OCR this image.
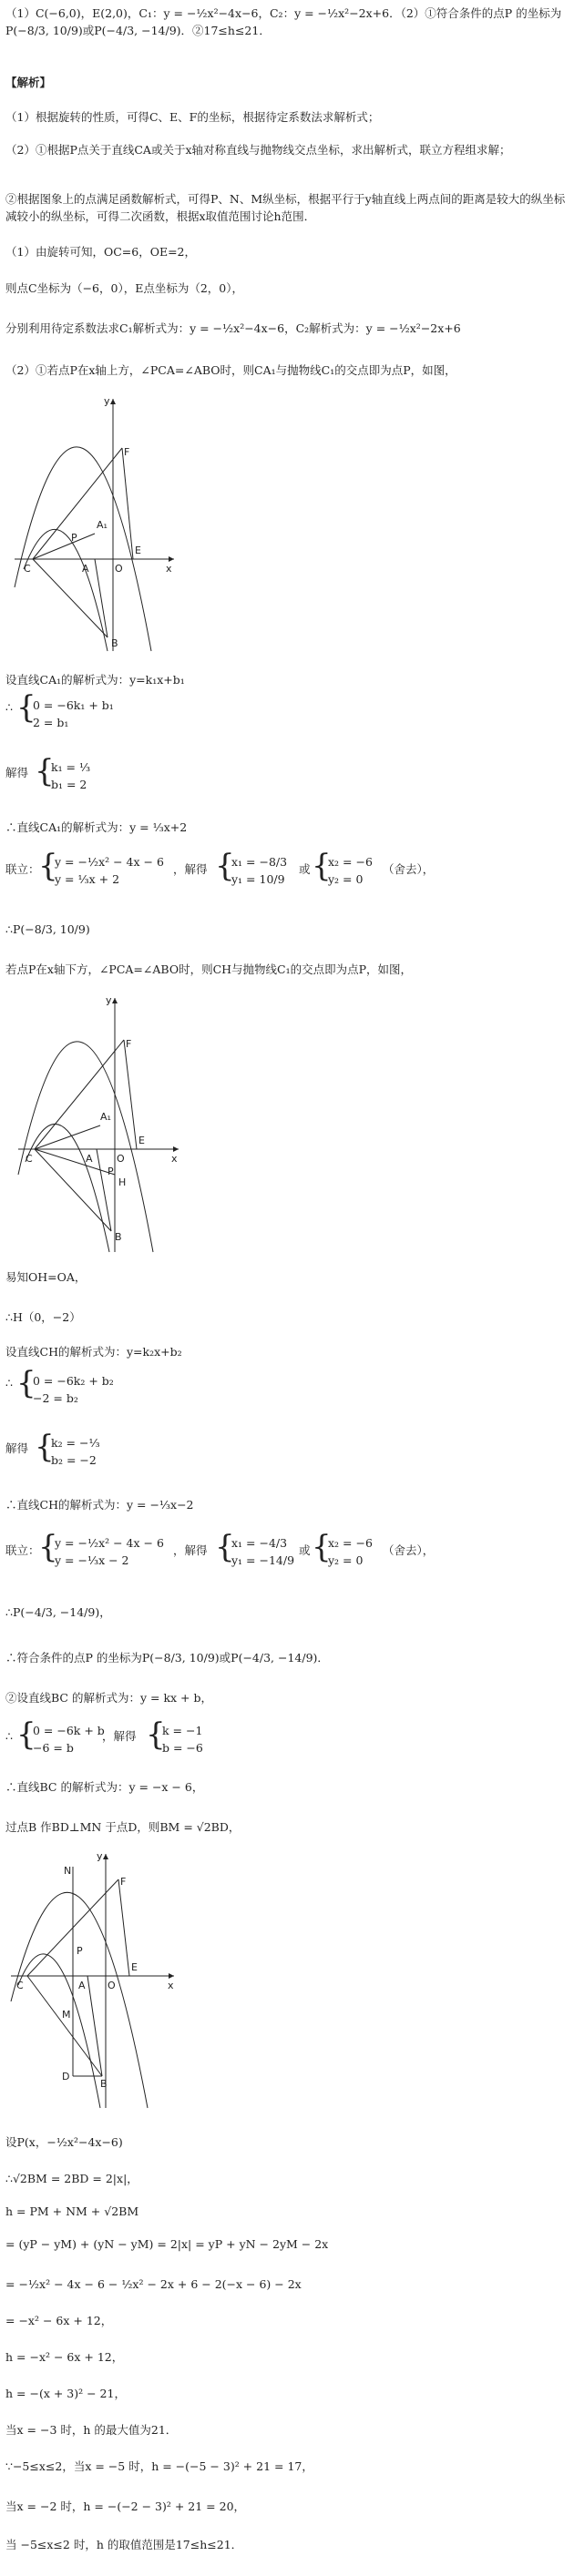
（1）C(−6,0)，E(2,0)，C₁：y = −½x²−4x−6，C₂：y = −½x²−2x+6．（2）①符合条件的点P 的坐标为P(−8/3, 10/9)或P(−4/3, −14/9)．②17≤h≤21．
【解析】
（1）根据旋转的性质，可得C、E、F的坐标，根据待定系数法求解析式；
（2）①根据P点关于直线CA或关于x轴对称直线与抛物线交点坐标，求出解析式，联立方程组求解；
②根据图象上的点满足函数解析式，可得P、N、M纵坐标，根据平行于y轴直线上两点间的距离是较大的纵坐标减较小的纵坐标，可得二次函数，根据x取值范围讨论h范围．
（1）由旋转可知，OC=6，OE=2，
则点C坐标为（−6，0），E点坐标为（2，0），
分别利用待定系数法求C₁解析式为：y = −½x²−4x−6，C₂解析式为：y = −½x²−2x+6
（2）①若点P在x轴上方，∠PCA=∠ABO时，则CA₁与抛物线C₁的交点即为点P，如图，
y
F
A₁
C	A	O
E
x
P
B
设直线CA₁的解析式为：y=k₁x+b₁
∴ {
0 = −6k₁ + b₁
2 = b₁
解得 {
k₁ = ⅓
b₁ = 2
∴直线CA₁的解析式为：y = ⅓x+2
联立：
{
y = −½x² − 4x − 6
y = ⅓x + 2
，解得 {
x₁ = −8/3
y₁ = 10/9
或 {
x₂ = −6
y₂ = 0
（舍去），
∴P(−8/3, 10/9)
若点P在x轴下方，∠PCA=∠ABO时，则CH与抛物线C₁的交点即为点P，如图，
y
F
A₁
C	A O
E
x
P
H
B
易知OH=OA，
∴H（0，−2）
设直线CH的解析式为：y=k₂x+b₂
∴ {
0 = −6k₂ + b₂
−2 = b₂
解得 {
k₂ = −⅓
b₂ = −2
∴直线CH的解析式为：y = −⅓x−2
联立：
{
y = −½x² − 4x − 6
y = −⅓x − 2
，解得 {
x₁ = −4/3
y₁ = −14/9
或 {
x₂ = −6
y₂ = 0
（舍去），
∴P(−4/3, −14/9)，
∴符合条件的点P 的坐标为P(−8/3, 10/9)或P(−4/3, −14/9)．
②设直线BC 的解析式为：y = kx + b，
∴ {
0 = −6k + b
−6 = b
，解得 {
k = −1
b = −6
∴直线BC 的解析式为：y = −x − 6，
过点B 作BD⊥MN 于点D，则BM = √2BD，
y
N
F
P
C	A O
E
x
M
D
B
设P(x，−½x²−4x−6)
∴√2BM = 2BD = 2|x|，
h = PM + NM + √2BM
= (yP − yM) + (yN − yM) = 2|x| = yP + yN − 2yM − 2x
= −½x² − 4x − 6 − ½x² − 2x + 6 − 2(−x − 6) − 2x
= −x² − 6x + 12，
h = −x² − 6x + 12，
h = −(x + 3)² − 21，
当x = −3 时，h 的最大值为21．
∵−5≤x≤2，当x = −5 时，h = −(−5 − 3)² + 21 = 17，
当x = −2 时，h = −(−2 − 3)² + 21 = 20，
当 −5≤x≤2 时，h 的取值范围是17≤h≤21．
